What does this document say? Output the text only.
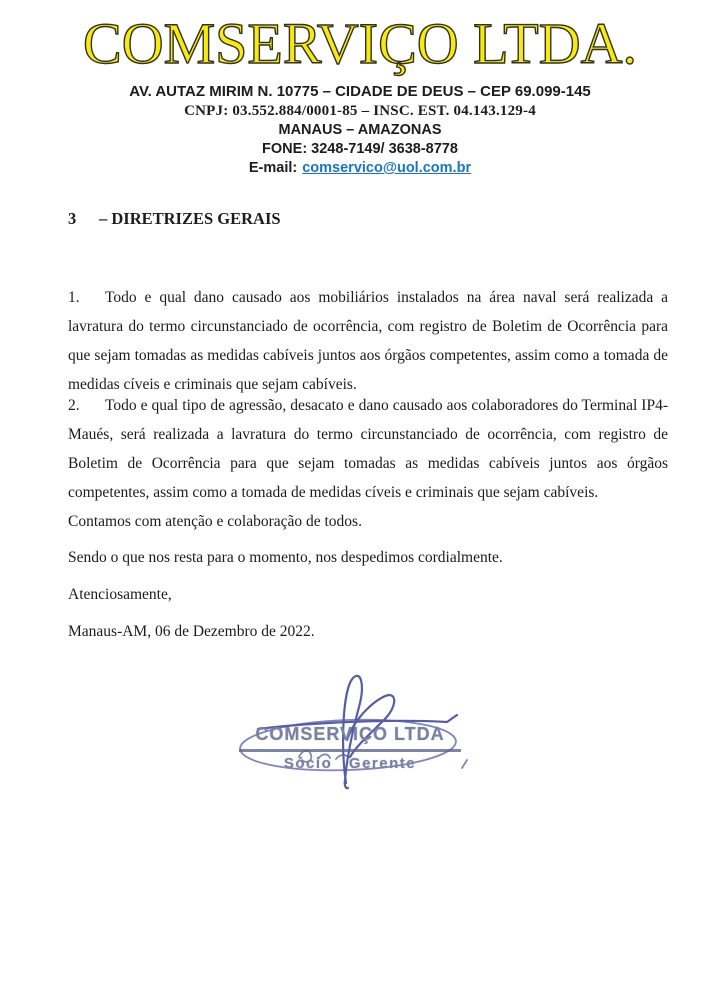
COMSERVIÇO LTDA.
AV. AUTAZ MIRIM N. 10775 – CIDADE DE DEUS – CEP 69.099-145
CNPJ: 03.552.884/0001-85 – INSC. EST. 04.143.129-4
MANAUS – AMAZONAS
FONE: 3248-7149/ 3638-8778
E-mail: comservico@uol.com.br
3 – DIRETRIZES GERAIS

1. Todo e qual dano causado aos mobiliários instalados na área naval será realizada a lavratura do termo circunstanciado de ocorrência, com registro de Boletim de Ocorrência para que sejam tomadas as medidas cabíveis juntos aos órgãos competentes, assim como a tomada de medidas cíveis e criminais que sejam cabíveis.

2. Todo e qual tipo de agressão, desacato e dano causado aos colaboradores do Terminal IP4-Maués, será realizada a lavratura do termo circunstanciado de ocorrência, com registro de Boletim de Ocorrência para que sejam tomadas as medidas cabíveis juntos aos órgãos competentes, assim como a tomada de medidas cíveis e criminais que sejam cabíveis.

Contamos com atenção e colaboração de todos.

Sendo o que nos resta para o momento, nos despedimos cordialmente.

Atenciosamente,

Manaus-AM, 06 de Dezembro de 2022.

COMSERVIÇO LTDA
Sócio Gerente
